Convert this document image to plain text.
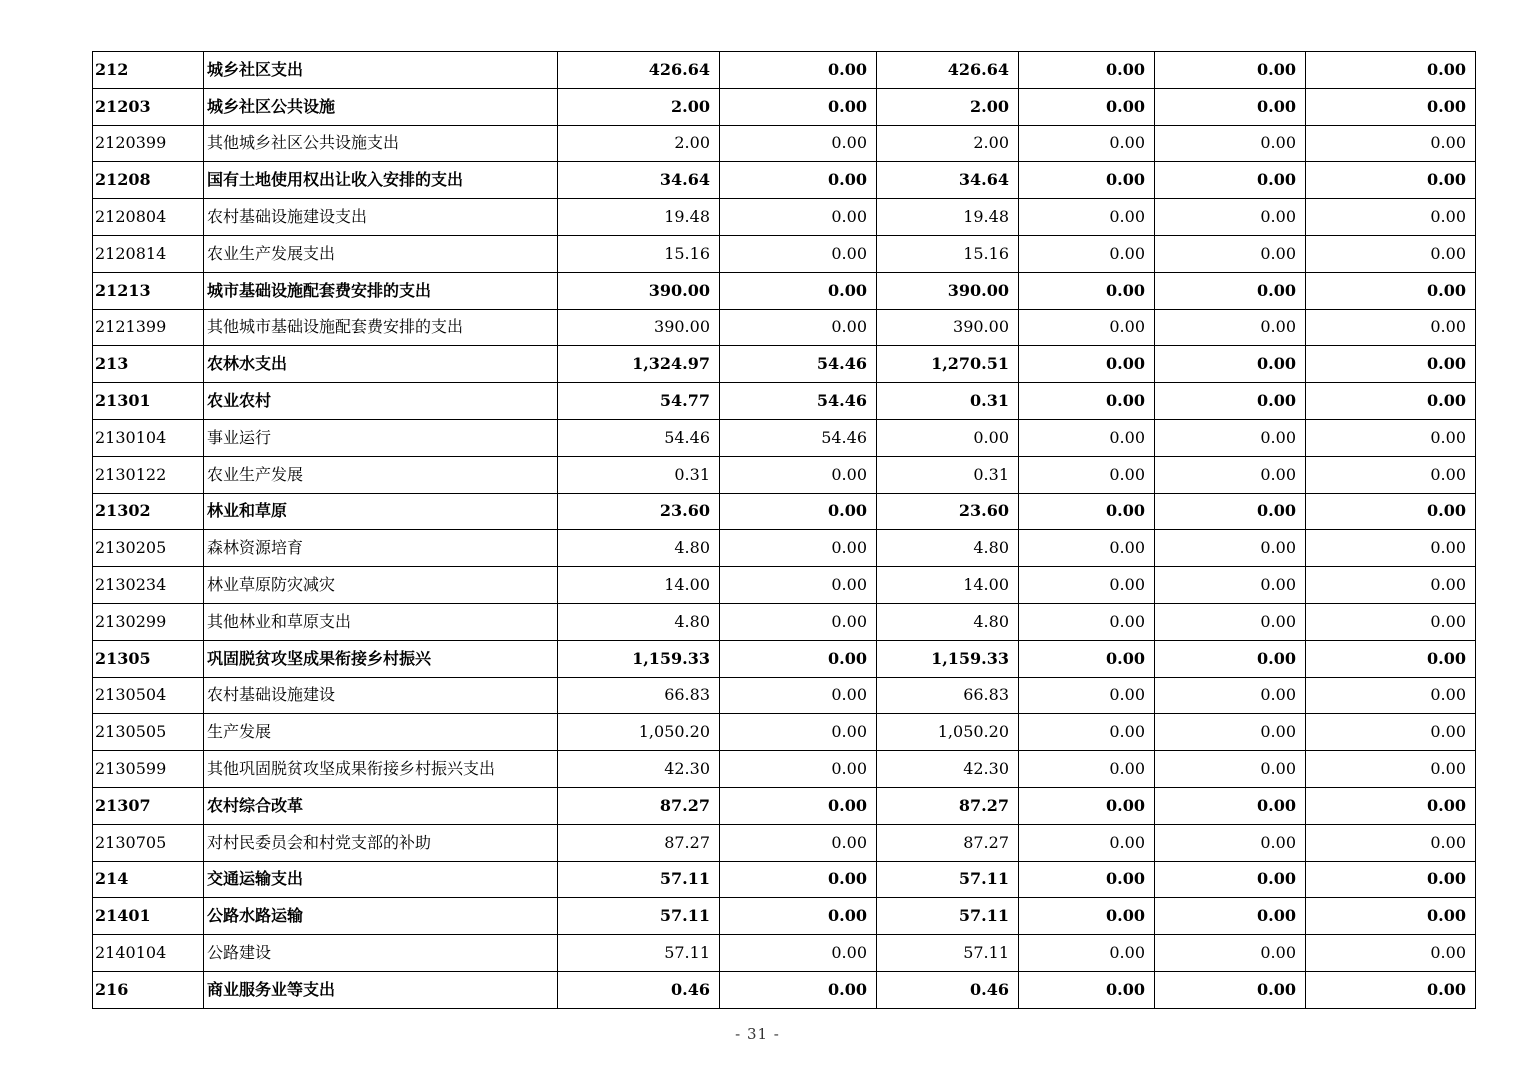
212	城乡社区支出	426.64	0.00	426.64	0.00	0.00	0.00
21203	城乡社区公共设施	2.00	0.00	2.00	0.00	0.00	0.00
2120399	其他城乡社区公共设施支出	2.00	0.00	2.00	0.00	0.00	0.00
21208	国有土地使用权出让收入安排的支出	34.64	0.00	34.64	0.00	0.00	0.00
2120804	农村基础设施建设支出	19.48	0.00	19.48	0.00	0.00	0.00
2120814	农业生产发展支出	15.16	0.00	15.16	0.00	0.00	0.00
21213	城市基础设施配套费安排的支出	390.00	0.00	390.00	0.00	0.00	0.00
2121399	其他城市基础设施配套费安排的支出	390.00	0.00	390.00	0.00	0.00	0.00
213	农林水支出	1,324.97	54.46	1,270.51	0.00	0.00	0.00
21301	农业农村	54.77	54.46	0.31	0.00	0.00	0.00
2130104	事业运行	54.46	54.46	0.00	0.00	0.00	0.00
2130122	农业生产发展	0.31	0.00	0.31	0.00	0.00	0.00
21302	林业和草原	23.60	0.00	23.60	0.00	0.00	0.00
2130205	森林资源培育	4.80	0.00	4.80	0.00	0.00	0.00
2130234	林业草原防灾减灾	14.00	0.00	14.00	0.00	0.00	0.00
2130299	其他林业和草原支出	4.80	0.00	4.80	0.00	0.00	0.00
21305	巩固脱贫攻坚成果衔接乡村振兴	1,159.33	0.00	1,159.33	0.00	0.00	0.00
2130504	农村基础设施建设	66.83	0.00	66.83	0.00	0.00	0.00
2130505	生产发展	1,050.20	0.00	1,050.20	0.00	0.00	0.00
2130599	其他巩固脱贫攻坚成果衔接乡村振兴支出	42.30	0.00	42.30	0.00	0.00	0.00
21307	农村综合改革	87.27	0.00	87.27	0.00	0.00	0.00
2130705	对村民委员会和村党支部的补助	87.27	0.00	87.27	0.00	0.00	0.00
214	交通运输支出	57.11	0.00	57.11	0.00	0.00	0.00
21401	公路水路运输	57.11	0.00	57.11	0.00	0.00	0.00
2140104	公路建设	57.11	0.00	57.11	0.00	0.00	0.00
216	商业服务业等支出	0.46	0.00	0.46	0.00	0.00	0.00
- 31 -
